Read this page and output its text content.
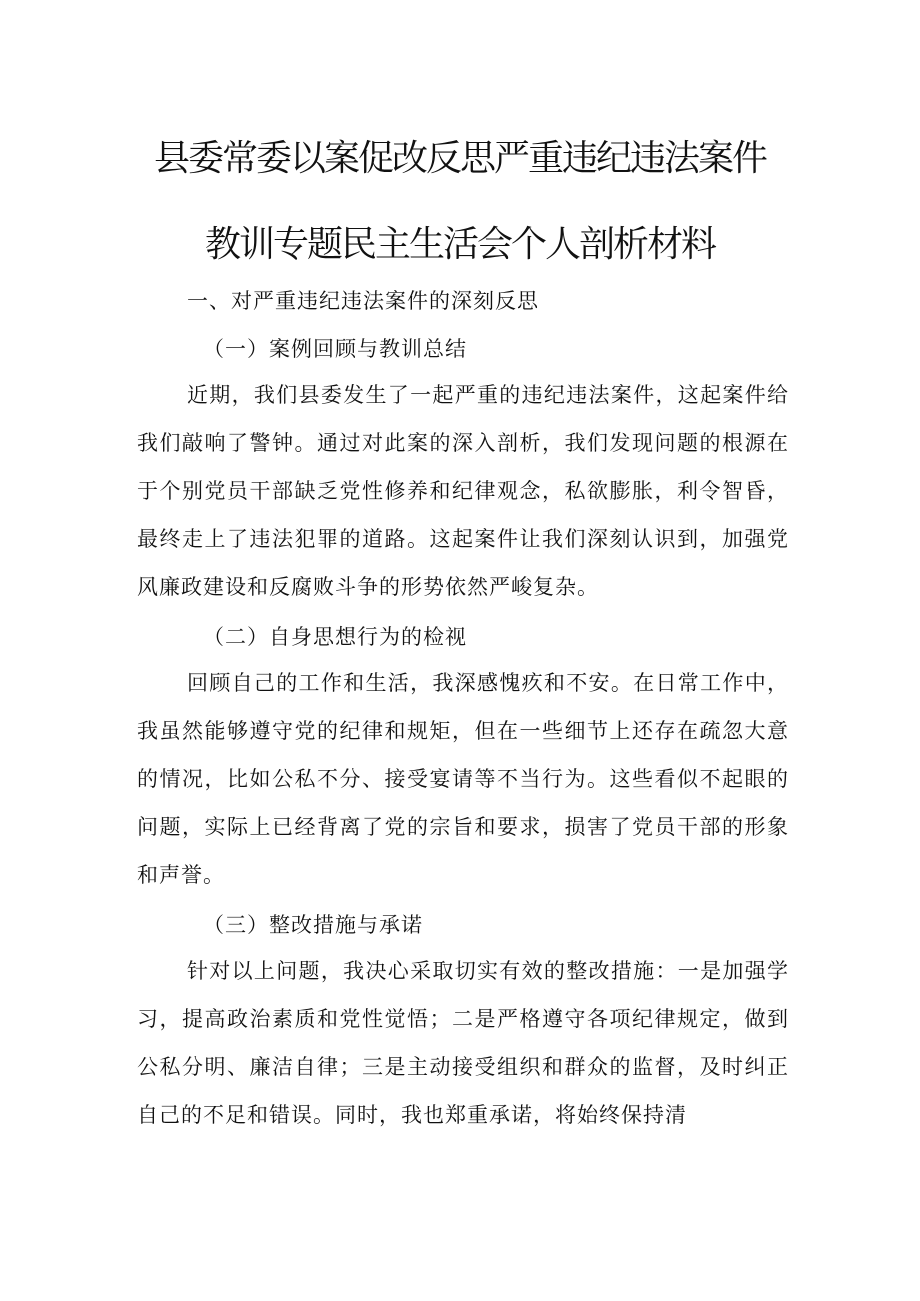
县委常委以案促改反思严重违纪违法案件
教训专题民主生活会个人剖析材料

一、对严重违纪违法案件的深刻反思

（一）案例回顾与教训总结

近期，我们县委发生了一起严重的违纪违法案件，这起案件给我们敲响了警钟。通过对此案的深入剖析，我们发现问题的根源在于个别党员干部缺乏党性修养和纪律观念，私欲膨胀，利令智昏，最终走上了违法犯罪的道路。这起案件让我们深刻认识到，加强党风廉政建设和反腐败斗争的形势依然严峻复杂。

（二）自身思想行为的检视

回顾自己的工作和生活，我深感愧疚和不安。在日常工作中，我虽然能够遵守党的纪律和规矩，但在一些细节上还存在疏忽大意的情况，比如公私不分、接受宴请等不当行为。这些看似不起眼的问题，实际上已经背离了党的宗旨和要求，损害了党员干部的形象和声誉。

（三）整改措施与承诺

针对以上问题，我决心采取切实有效的整改措施：一是加强学习，提高政治素质和党性觉悟；二是严格遵守各项纪律规定，做到公私分明、廉洁自律；三是主动接受组织和群众的监督，及时纠正自己的不足和错误。同时，我也郑重承诺，将始终保持清
